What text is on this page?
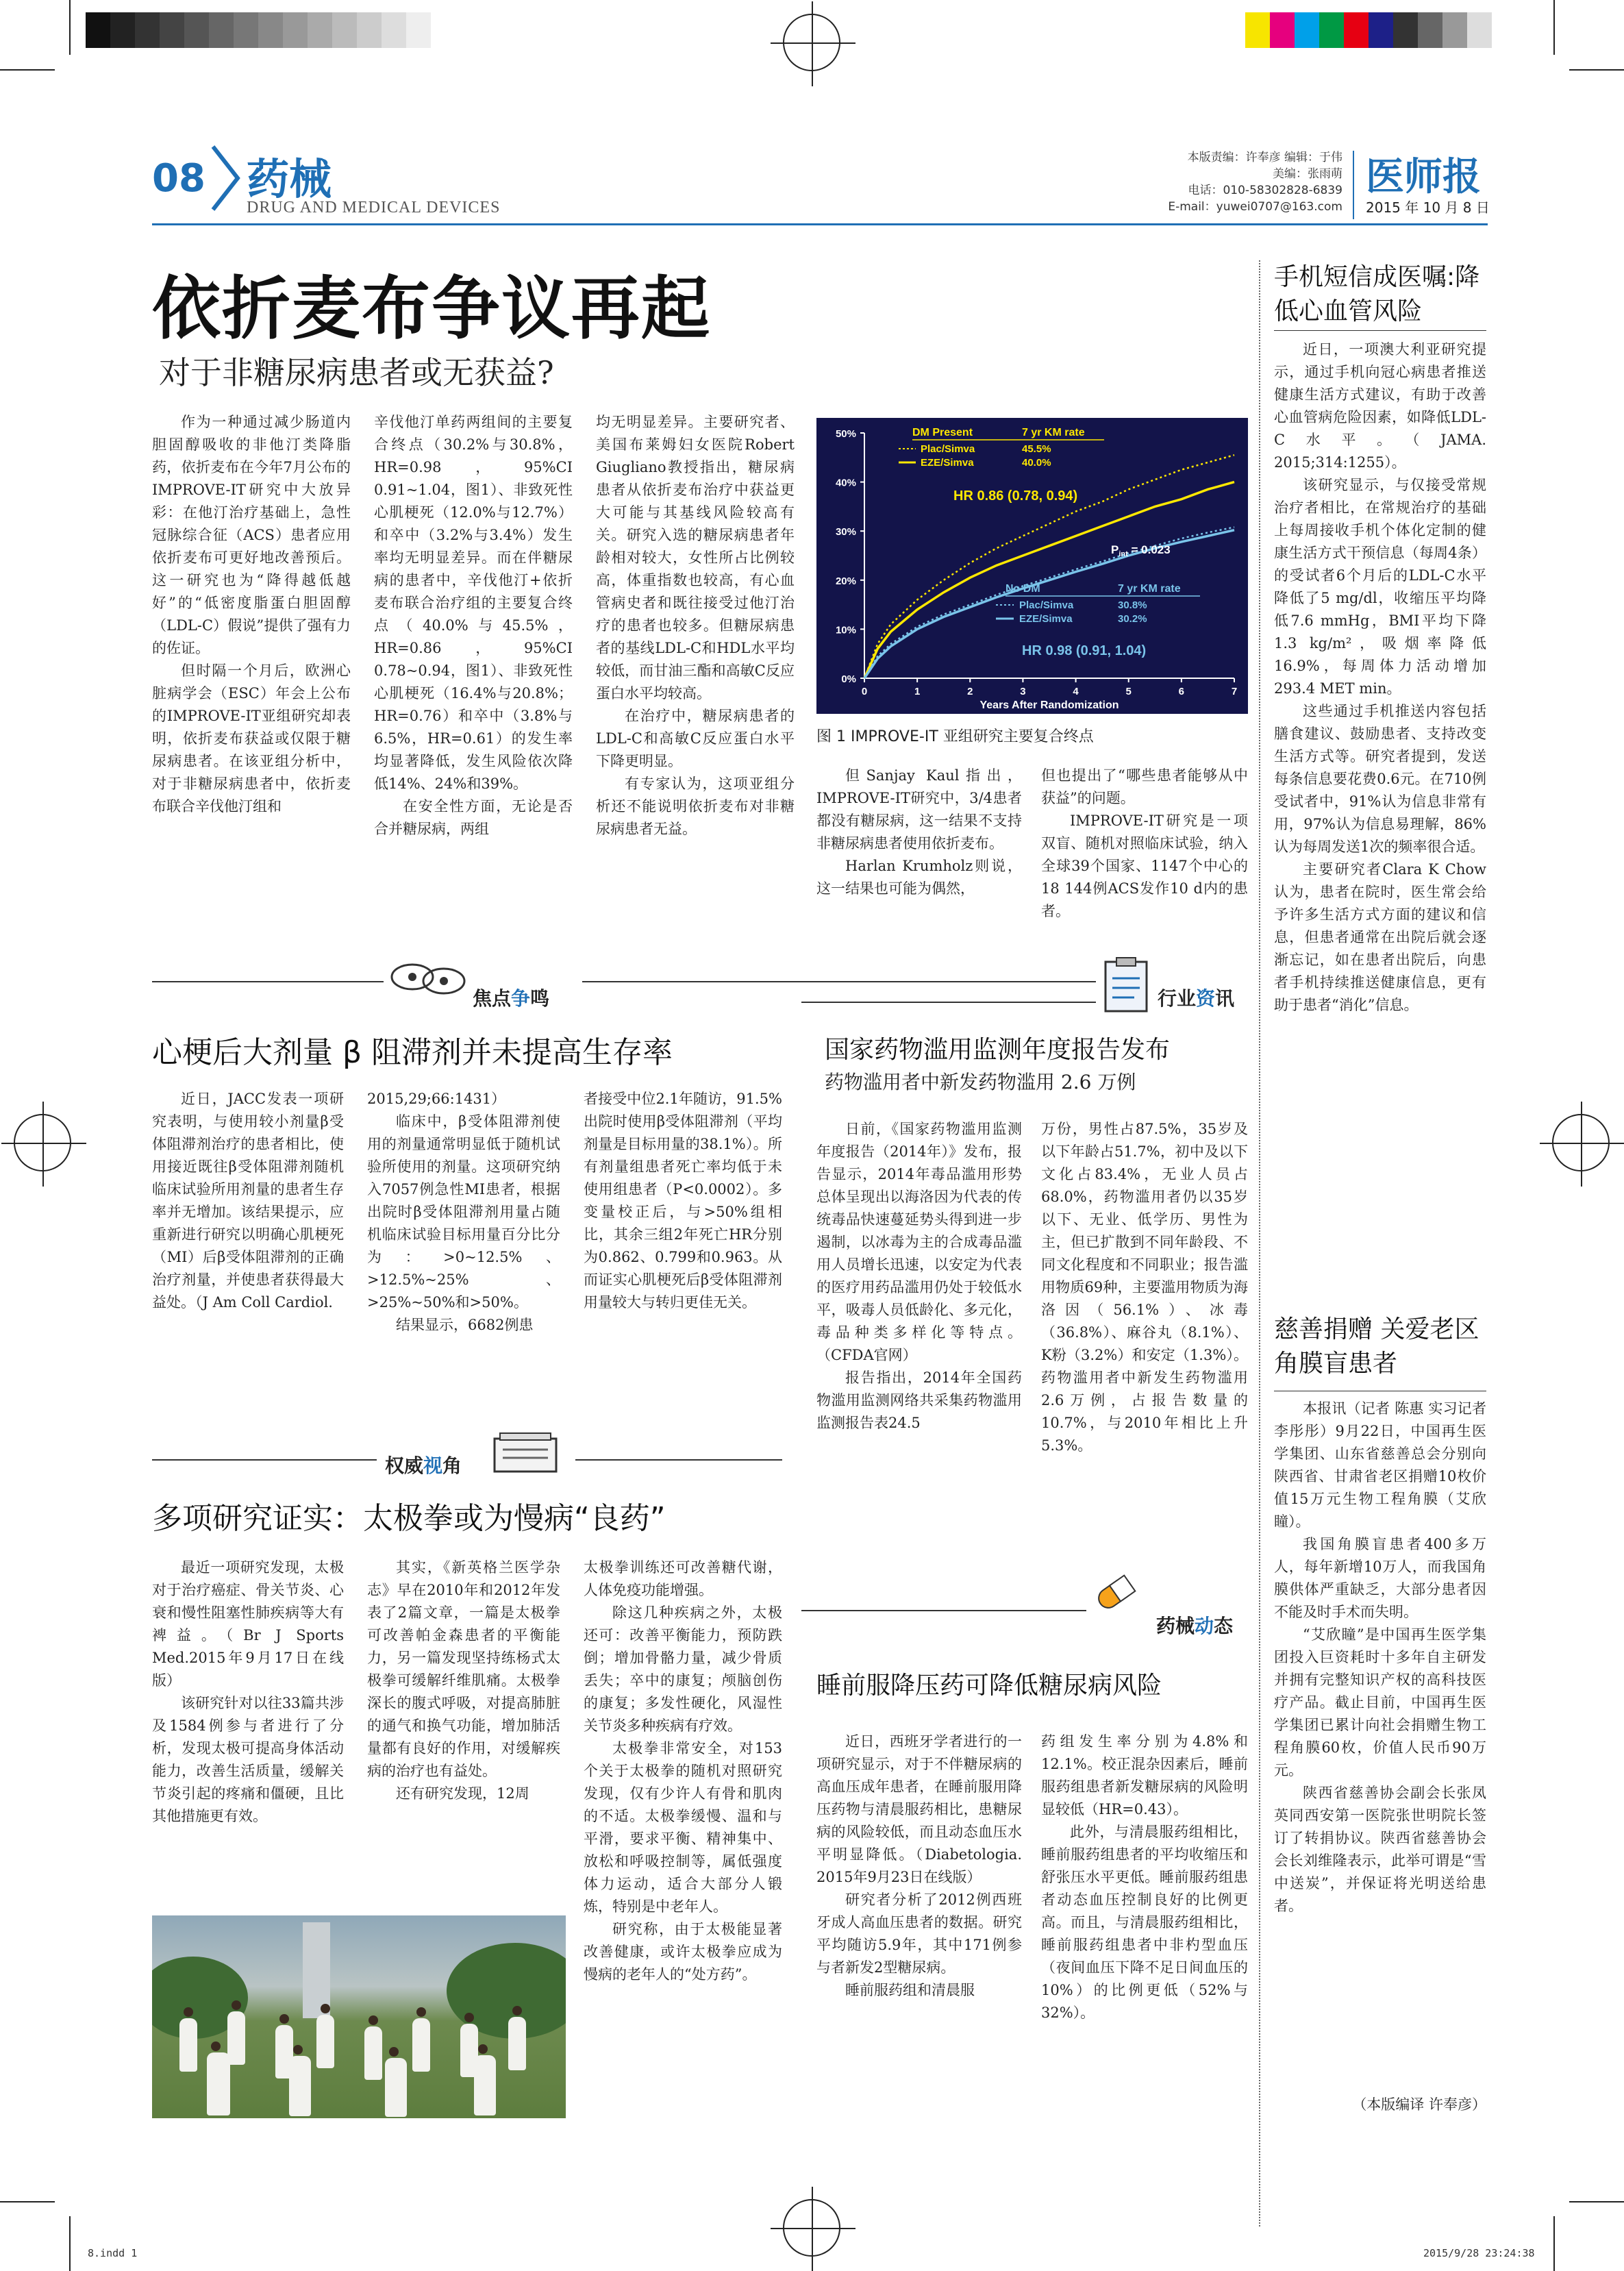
08 药械
DRUG AND MEDICAL DEVICES
本版责编：许奉彦 编辑：于伟
美编：张雨萌
电话：010-58302828-6839
E-mail：yuwei0707@163.com
医师报
2015 年 10 月 8 日
依折麦布争议再起
对于非糖尿病患者或无获益?

作为一种通过减少肠道内胆固醇吸收的非他汀类降脂药，依折麦布在今年7月公布的IMPROVE-IT研究中大放异彩：在他汀治疗基础上，急性冠脉综合征（ACS）患者应用依折麦布可更好地改善预后。这一研究也为“降得越低越好”的“低密度脂蛋白胆固醇（LDL-C）假说”提供了强有力的佐证。

但时隔一个月后，欧洲心脏病学会（ESC）年会上公布的IMPROVE-IT亚组研究却表明，依折麦布获益或仅限于糖尿病患者。在该亚组分析中，对于非糖尿病患者中，依折麦布联合辛伐他汀组和

辛伐他汀单药两组间的主要复合终点（30.2%与30.8%，HR=0.98，95%CI 0.91~1.04，图1）、非致死性心肌梗死（12.0%与12.7%）和卒中（3.2%与3.4%）发生率均无明显差异。而在伴糖尿病的患者中，辛伐他汀+依折麦布联合治疗组的主要复合终点（40.0%与45.5%，HR=0.86，95%CI 0.78~0.94，图1）、非致死性心肌梗死（16.4%与20.8%；HR=0.76）和卒中（3.8%与6.5%，HR=0.61）的发生率均显著降低，发生风险依次降低14%、24%和39%。

在安全性方面，无论是否合并糖尿病，两组

均无明显差异。主要研究者、美国布莱姆妇女医院Robert Giugliano教授指出，糖尿病患者从依折麦布治疗中获益更大可能与其基线风险较高有关。研究入选的糖尿病患者年龄相对较大，女性所占比例较高，体重指数也较高，有心血管病史者和既往接受过他汀治疗的患者也较多。但糖尿病患者的基线LDL-C和HDL水平均较低，而甘油三酯和高敏C反应蛋白水平均较高。

在治疗中，糖尿病患者的LDL-C和高敏C反应蛋白水平下降更明显。

有专家认为，这项亚组分析还不能说明依折麦布对非糖尿病患者无益。

0%
10%
20%
30%
40%
50%
0	1	2	3	4	5	6	7
Years After Randomization
DM Present	7 yr KM rate
Plac/Simva	45.5%
EZE/Simva	40.0%
HR 0.86 (0.78, 0.94)
$P_{int} = 0.023$
No DM	7 yr KM rate
Plac/Simva	30.8%
EZE/Simva	30.2%
HR 0.98 (0.91, 1.04)
图 1 IMPROVE-IT 亚组研究主要复合终点

但Sanjay Kaul指出，IMPROVE-IT研究中，3/4患者都没有糖尿病，这一结果不支持非糖尿病患者使用依折麦布。

Harlan Krumholz则说，这一结果也可能为偶然，

但也提出了“哪些患者能够从中获益”的问题。

IMPROVE-IT研究是一项双盲、随机对照临床试验，纳入全球39个国家、1147个中心的18 144例ACS发作10 d内的患者。

手机短信成医嘱:降低心血管风险

近日，一项澳大利亚研究提示，通过手机向冠心病患者推送健康生活方式建议，有助于改善心血管病危险因素，如降低LDL-C水平。（JAMA. 2015;314:1255）。

该研究显示，与仅接受常规治疗者相比，在常规治疗的基础上每周接收手机个体化定制的健康生活方式干预信息（每周4条）的受试者6个月后的LDL-C水平降低了5 mg/dl，收缩压平均降低7.6 mmHg，BMI平均下降1.3 kg/m²，吸烟率降低16.9%，每周体力活动增加293.4 MET min。

这些通过手机推送内容包括膳食建议、鼓励患者、支持改变生活方式等。研究者提到，发送每条信息要花费0.6元。在710例受试者中，91%认为信息非常有用，97%认为信息易理解，86%认为每周发送1次的频率很合适。

主要研究者Clara K Chow认为，患者在院时，医生常会给予许多生活方式方面的建议和信息，但患者通常在出院后就会逐渐忘记，如在患者出院后，向患者手机持续推送健康信息，更有助于患者“消化”信息。

慈善捐赠 关爱老区角膜盲患者

本报讯（记者 陈惠 实习记者 李彤彤）9月22日，中国再生医学集团、山东省慈善总会分别向陕西省、甘肃省老区捐赠10枚价值15万元生物工程角膜（艾欣瞳）。

我国角膜盲患者400多万人，每年新增10万人，而我国角膜供体严重缺乏，大部分患者因不能及时手术而失明。

“艾欣瞳”是中国再生医学集团投入巨资耗时十多年自主研发并拥有完整知识产权的高科技医疗产品。截止目前，中国再生医学集团已累计向社会捐赠生物工程角膜60枚，价值人民币90万元。

陕西省慈善协会副会长张凤英同西安第一医院张世明院长签订了转捐协议。陕西省慈善协会会长刘维隆表示，此举可谓是“雪中送炭”，并保证将光明送给患者。

（本版编译 许奉彦）
焦点争鸣
心梗后大剂量 β 阻滞剂并未提高生存率

近日，JACC发表一项研究表明，与使用较小剂量β受体阻滞剂治疗的患者相比，使用接近既往β受体阻滞剂随机临床试验所用剂量的患者生存率并无增加。该结果提示，应重新进行研究以明确心肌梗死（MI）后β受体阻滞剂的正确治疗剂量，并使患者获得最大益处。（J Am Coll Cardiol.

2015,29;66:1431）

临床中，β受体阻滞剂使用的剂量通常明显低于随机试验所使用的剂量。这项研究纳入7057例急性MI患者，根据出院时β受体阻滞剂用量占随机临床试验目标用量百分比分为：>0~12.5%、>12.5%~25%、>25%~50%和>50%。

结果显示，6682例患

者接受中位2.1年随访，91.5%出院时使用β受体阻滞剂（平均剂量是目标用量的38.1%）。所有剂量组患者死亡率均低于未使用组患者（P<0.0002）。多变量校正后，与>50%组相比，其余三组2年死亡HR分别为0.862、0.799和0.963。从而证实心肌梗死后β受体阻滞剂用量较大与转归更佳无关。

权威视角
多项研究证实：太极拳或为慢病“良药”

最近一项研究发现，太极对于治疗癌症、骨关节炎、心衰和慢性阻塞性肺疾病等大有裨益。（Br J Sports Med.2015年9月17日在线版）

该研究针对以往33篇共涉及1584例参与者进行了分析，发现太极可提高身体活动能力，改善生活质量，缓解关节炎引起的疼痛和僵硬，且比其他措施更有效。

其实，《新英格兰医学杂志》早在2010年和2012年发表了2篇文章，一篇是太极拳可改善帕金森患者的平衡能力，另一篇发现坚持练杨式太极拳可缓解纤维肌痛。太极拳深长的腹式呼吸，对提高肺脏的通气和换气功能，增加肺活量都有良好的作用，对缓解疾病的治疗也有益处。

还有研究发现，12周

太极拳训练还可改善糖代谢，人体免疫功能增强。

除这几种疾病之外，太极还可：改善平衡能力，预防跌倒；增加骨骼力量，减少骨质丢失；卒中的康复；颅脑创伤的康复；多发性硬化，风湿性关节炎多种疾病有疗效。

太极拳非常安全，对153个关于太极拳的随机对照研究发现，仅有少许人有骨和肌肉的不适。太极拳缓慢、温和与平滑，要求平衡、精神集中、放松和呼吸控制等，属低强度体力运动，适合大部分人锻炼，特别是中老年人。

研究称，由于太极能显著改善健康，或许太极拳应成为慢病的老年人的“处方药”。

行业资讯
国家药物滥用监测年度报告发布
药物滥用者中新发药物滥用 2.6 万例

日前，《国家药物滥用监测年度报告（2014年）》发布，报告显示，2014年毒品滥用形势总体呈现出以海洛因为代表的传统毒品快速蔓延势头得到进一步遏制，以冰毒为主的合成毒品滥用人员增长迅速，以安定为代表的医疗用药品滥用仍处于较低水平，吸毒人员低龄化、多元化，毒品种类多样化等特点。（CFDA官网）

报告指出，2014年全国药物滥用监测网络共采集药物滥用监测报告表24.5

万份，男性占87.5%，35岁及以下年龄占51.7%，初中及以下文化占83.4%，无业人员占68.0%，药物滥用者仍以35岁以下、无业、低学历、男性为主，但已扩散到不同年龄段、不同文化程度和不同职业；报告滥用物质69种，主要滥用物质为海洛因（56.1%）、冰毒（36.8%）、麻谷丸（8.1%）、K粉（3.2%）和安定（1.3%）。药物滥用者中新发生药物滥用2.6万例，占报告数量的10.7%，与2010年相比上升5.3%。

药械动态
睡前服降压药可降低糖尿病风险

近日，西班牙学者进行的一项研究显示，对于不伴糖尿病的高血压成年患者，在睡前服用降压药物与清晨服药相比，患糖尿病的风险较低，而且动态血压水平明显降低。（Diabetologia. 2015年9月23日在线版）

研究者分析了2012例西班牙成人高血压患者的数据。研究平均随访5.9年，其中171例参与者新发2型糖尿病。

睡前服药组和清晨服

药组发生率分别为4.8%和12.1%。校正混杂因素后，睡前服药组患者新发糖尿病的风险明显较低（HR=0.43）。

此外，与清晨服药组相比，睡前服药组患者的平均收缩压和舒张压水平更低。睡前服药组患者动态血压控制良好的比例更高。而且，与清晨服药组相比，睡前服药组患者中非杓型血压（夜间血压下降不足日间血压的10%）的比例更低（52%与32%）。

8.indd 1	2015/9/28 23:24:38
